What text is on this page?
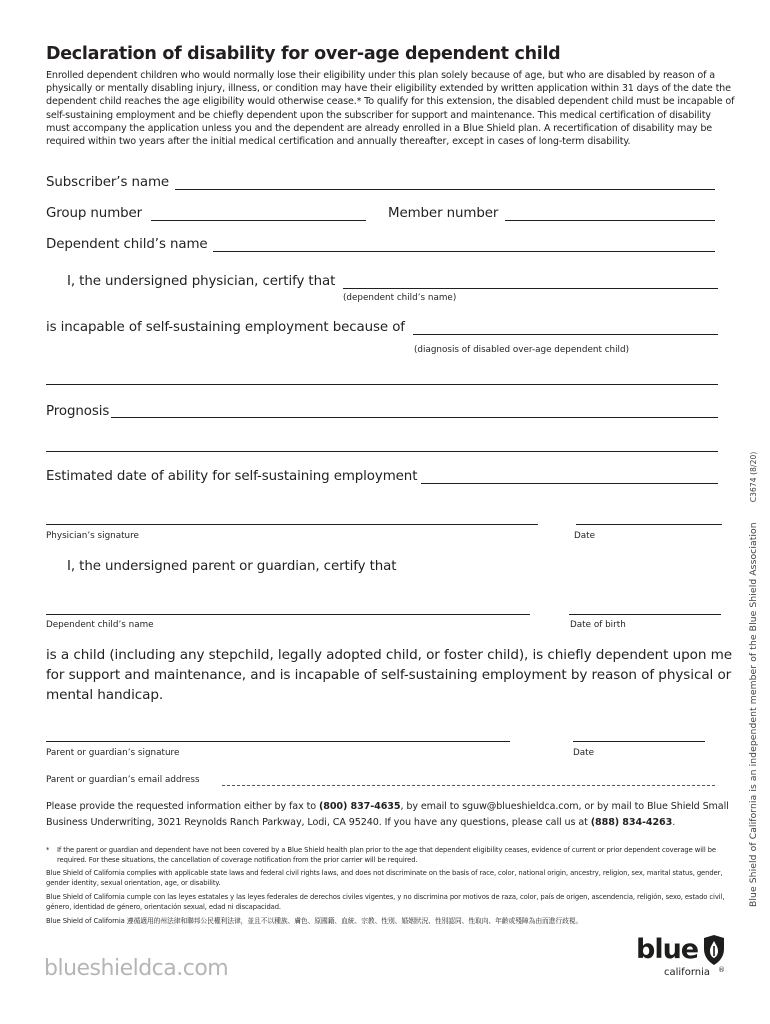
Declaration of disability for over-age dependent child
Enrolled dependent children who would normally lose their eligibility under this plan solely because of age, but who are disabled by reason of a physically or mentally disabling injury, illness, or condition may have their eligibility extended by written application within 31 days of the date the dependent child reaches the age eligibility would otherwise cease.* To qualify for this extension, the disabled dependent child must be incapable of self-sustaining employment and be chiefly dependent upon the subscriber for support and maintenance. This medical certification of disability must accompany the application unless you and the dependent are already enrolled in a Blue Shield plan. A recertification of disability may be required within two years after the initial medical certification and annually thereafter, except in cases of long-term disability.
Subscriber’s name
Group number	Member number
Dependent child’s name
I, the undersigned physician, certify that
(dependent child’s name)
is incapable of self-sustaining employment because of
(diagnosis of disabled over-age dependent child)
Prognosis
Estimated date of ability for self-sustaining employment
Physician’s signature	Date
I, the undersigned parent or guardian, certify that
Dependent child’s name	Date of birth
is a child (including any stepchild, legally adopted child, or foster child), is chiefly dependent upon me for support and maintenance, and is incapable of self-sustaining employment by reason of physical or mental handicap.
Parent or guardian’s signature	Date
Parent or guardian’s email address
Please provide the requested information either by fax to (800) 837-4635, by email to sguw@blueshieldca.com, or by mail to Blue Shield Small Business Underwriting, 3021 Reynolds Ranch Parkway, Lodi, CA 95240. If you have any questions, please call us at (888) 834-4263.
* If the parent or guardian and dependent have not been covered by a Blue Shield health plan prior to the age that dependent eligibility ceases, evidence of current or prior dependent coverage will be required. For these situations, the cancellation of coverage notification from the prior carrier will be required.
Blue Shield of California complies with applicable state laws and federal civil rights laws, and does not discriminate on the basis of race, color, national origin, ancestry, religion, sex, marital status, gender, gender identity, sexual orientation, age, or disability.
Blue Shield of California cumple con las leyes estatales y las leyes federales de derechos civiles vigentes, y no discrimina por motivos de raza, color, país de origen, ascendencia, religión, sexo, estado civil, género, identidad de género, orientación sexual, edad ni discapacidad.
Blue Shield of California 遵循適用的州法律和聯邦公民權利法律，並且不以種族、膚色、原國籍、血統、宗教、性別、婚姻狀況、性別認同、性取向、年齡或殘障為由而進行歧視。
blueshieldca.com
blue
california ®
Blue Shield of California is an independent member of the Blue Shield Association  C3674 (8/20)
